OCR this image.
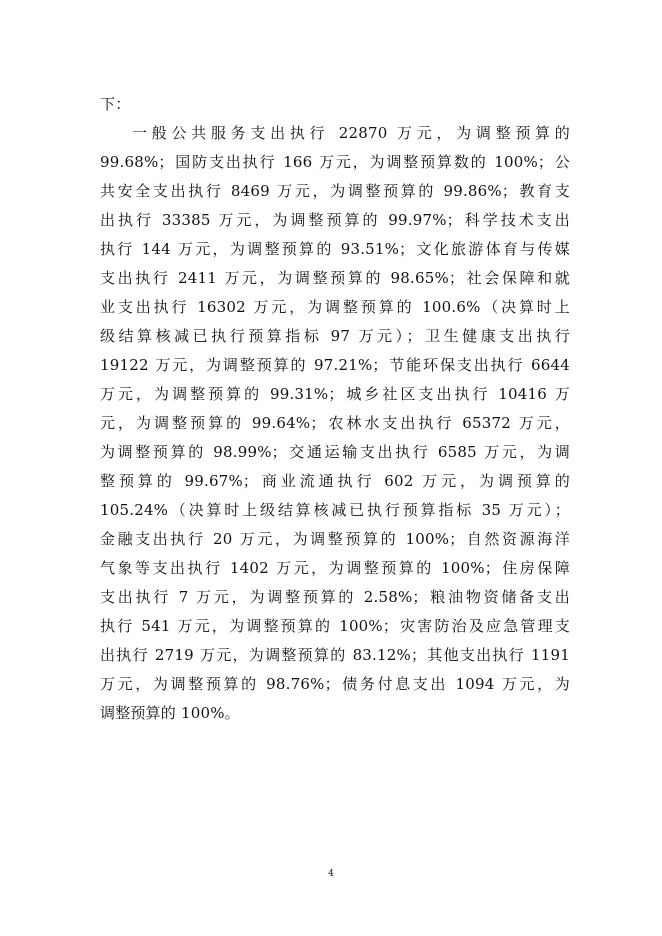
下：
一般公共服务支出执行 22870 万元，为调整预算的
99.68%；国防支出执行 166 万元，为调整预算数的 100%；公
共安全支出执行 8469 万元，为调整预算的 99.86%；教育支
出执行 33385 万元，为调整预算的 99.97%；科学技术支出
执行 144 万元，为调整预算的 93.51%；文化旅游体育与传媒
支出执行 2411 万元，为调整预算的 98.65%；社会保障和就
业支出执行 16302 万元，为调整预算的 100.6%（决算时上
级结算核减已执行预算指标 97 万元）；卫生健康支出执行
19122 万元，为调整预算的 97.21%；节能环保支出执行 6644
万元，为调整预算的 99.31%；城乡社区支出执行 10416 万
元，为调整预算的 99.64%；农林水支出执行 65372 万元，
为调整预算的 98.99%；交通运输支出执行 6585 万元，为调
整预算的 99.67%；商业流通执行 602 万元，为调预算的
105.24%（决算时上级结算核减已执行预算指标 35 万元）；
金融支出执行 20 万元，为调整预算的 100%；自然资源海洋
气象等支出执行 1402 万元，为调整预算的 100%；住房保障
支出执行 7 万元，为调整预算的 2.58%；粮油物资储备支出
执行 541 万元，为调整预算的 100%；灾害防治及应急管理支
出执行 2719 万元，为调整预算的 83.12%；其他支出执行 1191
万元，为调整预算的 98.76%；债务付息支出 1094 万元，为
调整预算的 100%。
4
